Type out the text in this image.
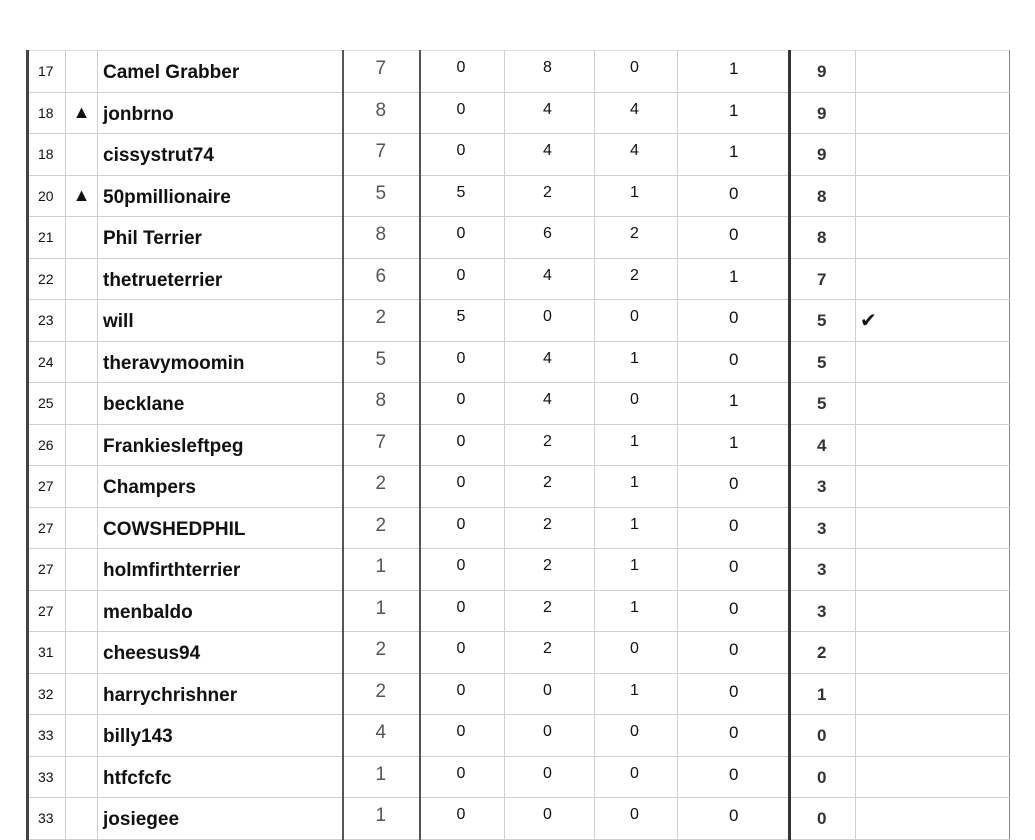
17		Camel Grabber	7	0	8	0	1	9	
18	▲	jonbrno	8	0	4	4	1	9	
18		cissystrut74	7	0	4	4	1	9	
20	▲	50pmillionaire	5	5	2	1	0	8	
21		Phil Terrier	8	0	6	2	0	8	
22		thetrueterrier	6	0	4	2	1	7	
23		will	2	5	0	0	0	5	✔
24		theravymoomin	5	0	4	1	0	5	
25		becklane	8	0	4	0	1	5	
26		Frankiesleftpeg	7	0	2	1	1	4	
27		Champers	2	0	2	1	0	3	
27		COWSHEDPHIL	2	0	2	1	0	3	
27		holmfirthterrier	1	0	2	1	0	3	
27		menbaldo	1	0	2	1	0	3	
31		cheesus94	2	0	2	0	0	2	
32		harrychrishner	2	0	0	1	0	1	
33		billy143	4	0	0	0	0	0	
33		htfcfcfc	1	0	0	0	0	0	
33		josiegee	1	0	0	0	0	0	
